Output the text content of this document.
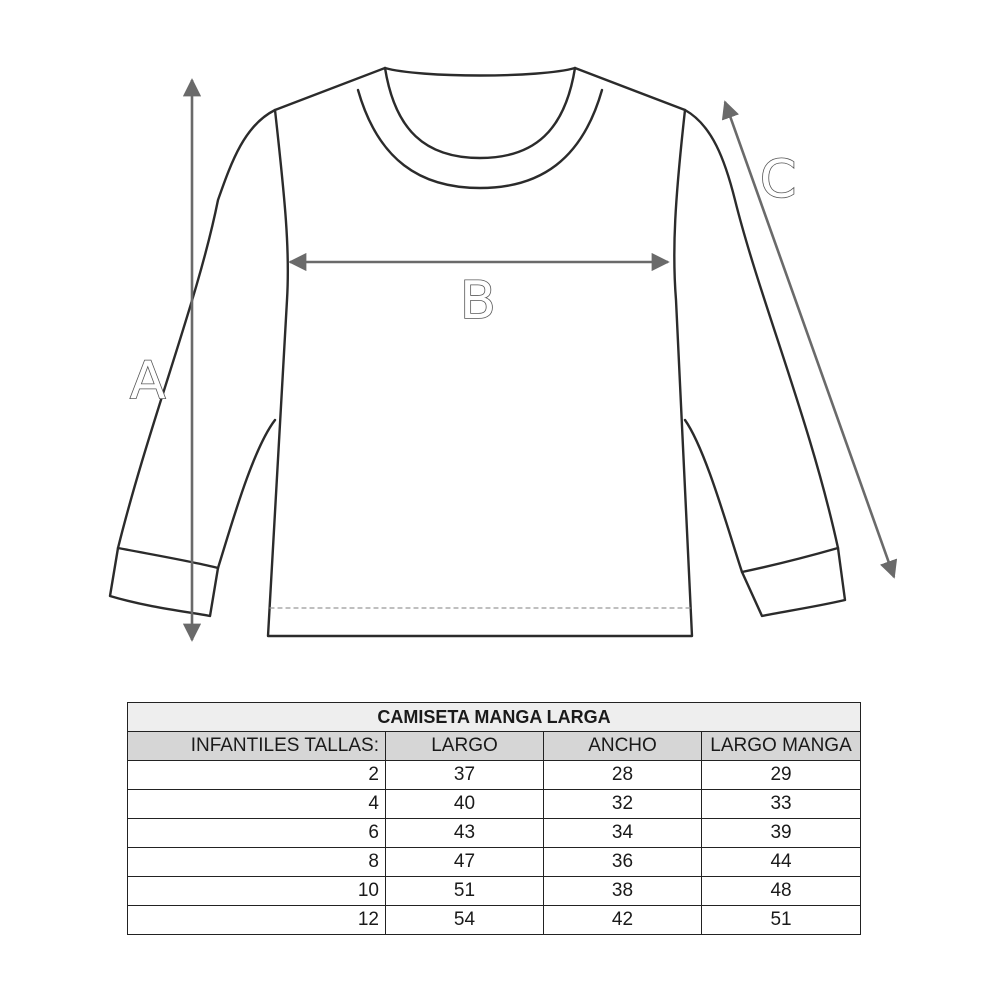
A
B
C
CAMISETA MANGA LARGA			
INFANTILES TALLAS:	LARGO	ANCHO	LARGO MANGA
2	37	28	29
4	40	32	33
6	43	34	39
8	47	36	44
10	51	38	48
12	54	42	51
